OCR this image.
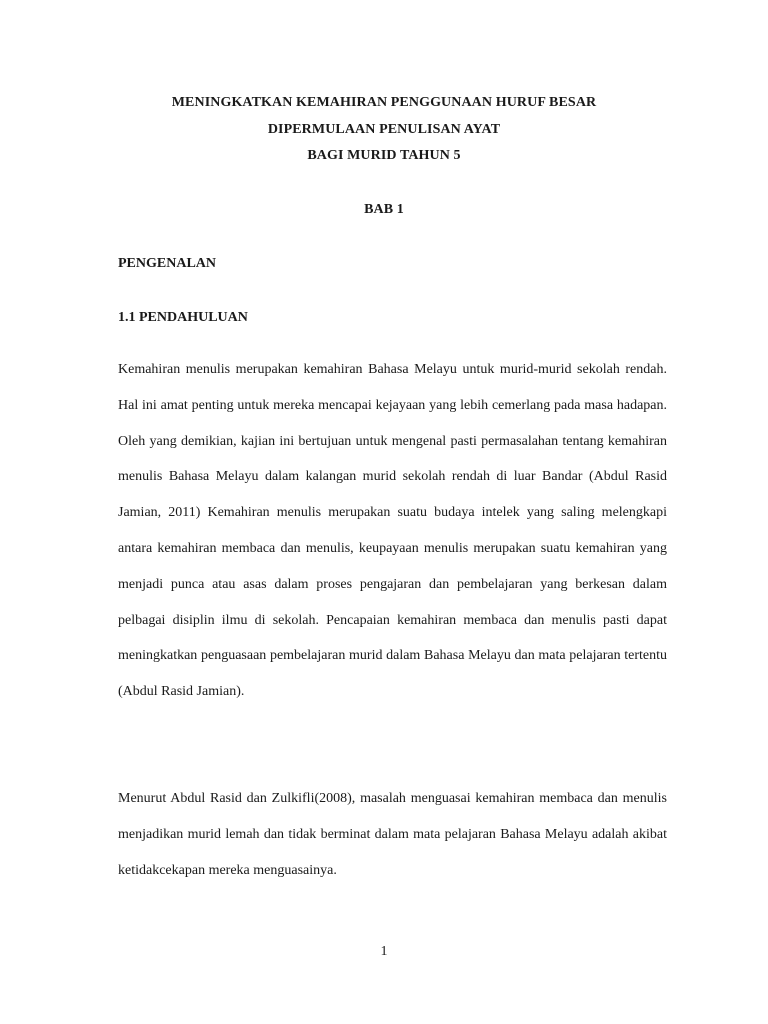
MENINGKATKAN KEMAHIRAN PENGGUNAAN HURUF BESAR
DIPERMULAAN PENULISAN AYAT
BAGI MURID TAHUN 5
BAB 1
PENGENALAN
1.1 PENDAHULUAN

Kemahiran menulis merupakan kemahiran Bahasa Melayu untuk murid-murid sekolah rendah. Hal ini amat penting untuk mereka mencapai kejayaan yang lebih cemerlang pada masa hadapan. Oleh yang demikian, kajian ini bertujuan untuk mengenal pasti permasalahan tentang kemahiran menulis Bahasa Melayu dalam kalangan murid sekolah rendah di luar Bandar (Abdul Rasid Jamian, 2011) Kemahiran menulis merupakan suatu budaya intelek yang saling melengkapi antara kemahiran membaca dan menulis, keupayaan menulis merupakan suatu kemahiran yang menjadi punca atau asas dalam proses pengajaran dan pembelajaran yang berkesan dalam pelbagai disiplin ilmu di sekolah. Pencapaian kemahiran membaca dan menulis pasti dapat meningkatkan penguasaan pembelajaran murid dalam Bahasa Melayu dan mata pelajaran tertentu (Abdul Rasid Jamian).

Menurut Abdul Rasid dan Zulkifli(2008), masalah menguasai kemahiran membaca dan menulis menjadikan murid lemah dan tidak berminat dalam mata pelajaran Bahasa Melayu adalah akibat ketidakcekapan mereka menguasainya.

1
